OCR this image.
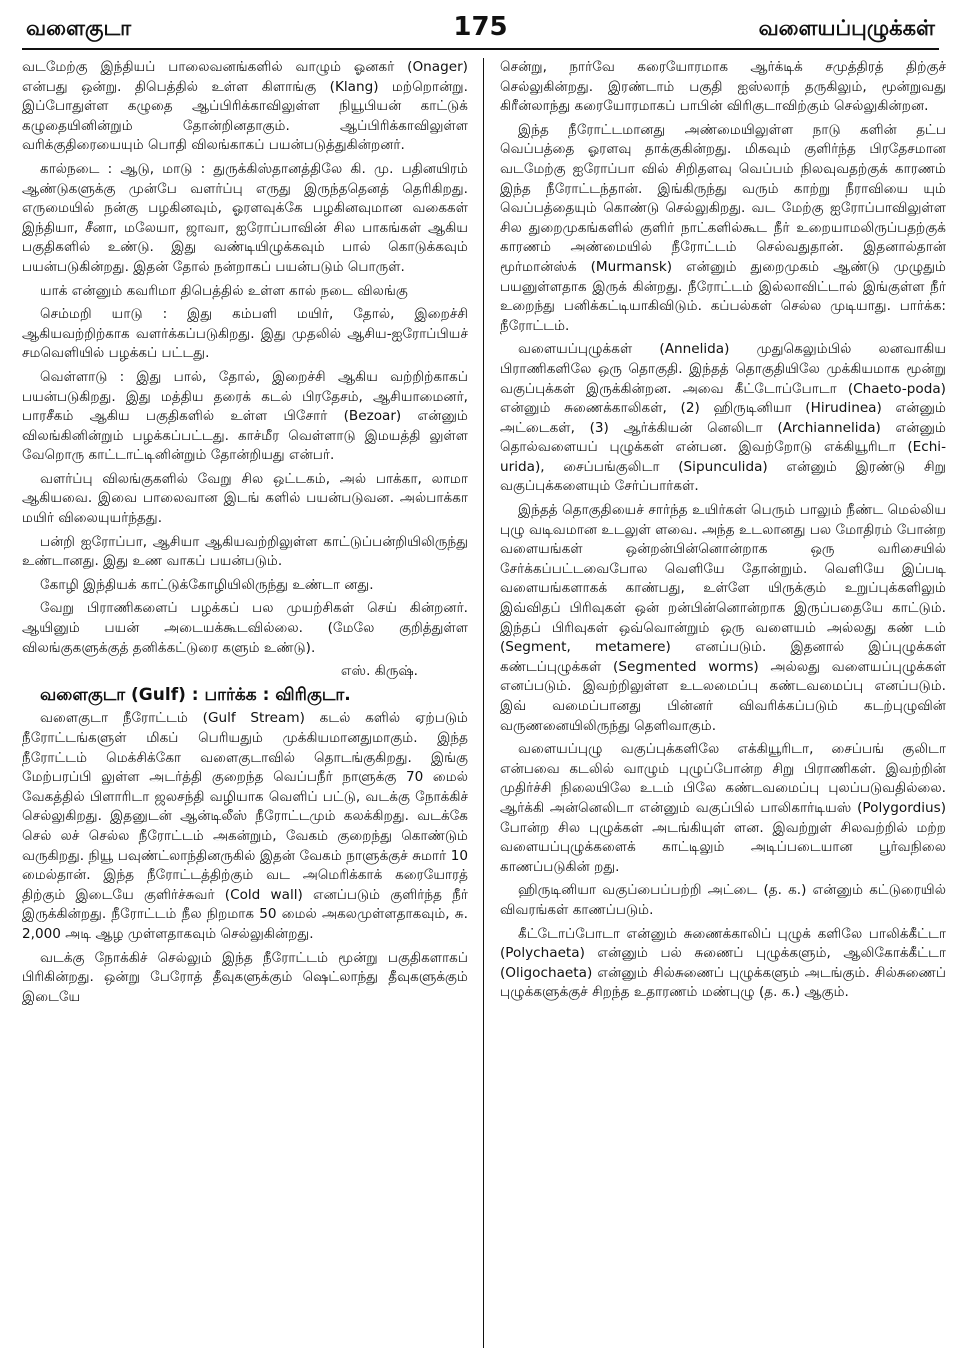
வளைகுடா	175	வளையப்புழுக்கள்

வடமேற்கு இந்தியப் பாலைவனங்களில் வாழும் ஓனகர் (Onager) என்பது ஒன்று. திபெத்தில் உள்ள கிளாங்கு (Klang) மற்றொன்று. இப்போதுள்ள கழுதை ஆப்பிரிக்காவிலுள்ள நியூபியன் காட்டுக் கழுதையினின்றும் தோன்றினதாகும். ஆப்பிரிக்காவிலுள்ள வரிக்குதிரையையும் பொதி விலங்காகப் பயன்படுத்துகின்றனர்.

கால்நடை : ஆடு, மாடு : துருக்கிஸ்தானத்திலே கி. மு. பதினயிரம் ஆண்டுகளுக்கு முன்பே வளர்ப்பு எருது இருந்ததெனத் தெரிகிறது. எருமையில் நன்கு பழகினவும், ஓரளவுக்கே பழகினவுமான வகைகள் இந்தியா, சீனா, மலேயா, ஜாவா, ஐரோப்பாவின் சில பாகங்கள் ஆகிய பகுதிகளில் உண்டு. இது வண்டியிழுக்கவும் பால் கொடுக்கவும் பயன்படுகின்றது. இதன் தோல் நன்றாகப் பயன்படும் பொருள்.

யாக் என்னும் கவரிமா திபெத்தில் உள்ள கால் நடை விலங்கு

செம்மறி யாடு : இது கம்பளி மயிர், தோல், இறைச்சி ஆகியவற்றிற்காக வளர்க்கப்படுகிறது. இது முதலில் ஆசிய-ஐரோப்பியச் சமவெளியில் பழக்கப் பட்டது.

வெள்ளாடு : இது பால், தோல், இறைச்சி ஆகிய வற்றிற்காகப் பயன்படுகிறது. இது மத்திய தரைக் கடல் பிரதேசம், ஆசியாமைனர், பாரசீகம் ஆகிய பகுதிகளில் உள்ள பிசோர் (Bezoar) என்னும் விலங்கினின்றும் பழக்கப்பட்டது. காச்மீர வெள்ளாடு இமயத்தி லுள்ள வேறொரு காட்டாட்டினின்றும் தோன்றியது என்பர்.

வளர்ப்பு விலங்குகளில் வேறு சில ஒட்டகம், அல் பாக்கா, லாமா ஆகியவை. இவை பாலைவான இடங் களில் பயன்படுவன. அல்பாக்கா மயிர் விலையுயர்ந்தது.

பன்றி ஐரோப்பா, ஆசியா ஆகியவற்றிலுள்ள காட்டுப்பன்றியிலிருந்து உண்டானது. இது உண வாகப் பயன்படும்.

கோழி இந்தியக் காட்டுக்கோழியிலிருந்து உண்டா னது.

வேறு பிராணிகளைப் பழக்கப் பல முயற்சிகள் செய் கின்றனர். ஆயினும் பயன் அடையக்கூடவில்லை. (மேலே குறித்துள்ள விலங்குகளுக்குத் தனிக்கட்டுரை களும் உண்டு).

எஸ். கிருஷ்.

வளைகுடா (Gulf) : பார்க்க : விரிகுடா.

வளைகுடா நீரோட்டம் (Gulf Stream) கடல் களில் ஏற்படும் நீரோட்டங்களுள் மிகப் பெரியதும் முக்கியமானதுமாகும். இந்த நீரோட்டம் மெக்சிக்கோ வளைகுடாவில் தொடங்குகிறது. இங்கு மேற்பரப்பி லுள்ள அடர்த்தி குறைந்த வெப்பநீர் நாளுக்கு 70 மைல் வேகத்தில் பிளாரிடா ஜலசந்தி வழியாக வெளிப் பட்டு, வடக்கு நோக்கிச் செல்லுகிறது. இதனுடன் ஆன்டிலீஸ் நீரோட்டமும் கலக்கிறது. வடக்கே செல் லச் செல்ல நீரோட்டம் அகன்றும், வேகம் குறைந்து கொண்டும் வருகிறது. நியூ பவுண்ட்லாந்தினருகில் இதன் வேகம் நாளுக்குச் சுமார் 10 மைல்தான். இந்த நீரோட்டத்திற்கும் வட அமெரிக்காக் கரையோரத் திற்கும் இடையே குளிர்ச்சுவர் (Cold wall) எனப்படும் குளிர்ந்த நீர் இருக்கின்றது. நீரோட்டம் நீல நிறமாக 50 மைல் அகலமுள்ளதாகவும், சு. 2,000 அடி ஆழ முள்ளதாகவும் செல்லுகின்றது.

வடக்கு நோக்கிச் செல்லும் இந்த நீரோட்டம் மூன்று பகுதிகளாகப் பிரிகின்றது. ஒன்று பேரோத் தீவுகளுக்கும் ஷெட்லாந்து தீவுகளுக்கும் இடையே

சென்று, நார்வே கரையோரமாக ஆர்க்டிக் சமுத்திரத் திற்குச் செல்லுகின்றது. இரண்டாம் பகுதி ஐஸ்லாந் தருகிலும், மூன்றுவது கிரீன்லாந்து கரையோரமாகப் பாபின் விரிகுடாவிற்கும் செல்லுகின்றன.

இந்த நீரோட்டமானது அண்மையிலுள்ள நாடு களின் தட்ப வெப்பத்தை ஓரளவு தாக்குகின்றது. மிகவும் குளிர்ந்த பிரதேசமான வடமேற்கு ஐரோப்பா வில் சிறிதளவு வெப்பம் நிலவுவதற்குக் காரணம் இந்த நீரோட்டந்தான். இங்கிருந்து வரும் காற்று நீராவியை யும் வெப்பத்தையும் கொண்டு செல்லுகிறது. வட மேற்கு ஐரோப்பாவிலுள்ள சில துறைமுகங்களில் குளிர் நாட்களில்கூட நீர் உறையாமலிருப்பதற்குக் காரணம் அண்மையில் நீரோட்டம் செல்வதுதான். இதனால்தான் மூர்மான்ஸ்க் (Murmansk) என்னும் துறைமுகம் ஆண்டு முழுதும் பயனுள்ளதாக இருக் கின்றது. நீரோட்டம் இல்லாவிட்டால் இங்குள்ள நீர் உறைந்து பனிக்கட்டியாகிவிடும். கப்பல்கள் செல்ல முடியாது. பார்க்க: நீரோட்டம்.

வளையப்புழுக்கள் (Annelida) முதுகெலும்பில் லனவாகிய பிராணிகளிலே ஒரு தொகுதி. இந்தத் தொகுதியிலே முக்கியமாக மூன்று வகுப்புக்கள் இருக்கின்றன. அவை கீட்டோப்போடா (Chaeto-poda) என்னும் சுணைக்காலிகள், (2) ஹிருடினியா (Hirudinea) என்னும் அட்டைகள், (3) ஆர்க்கியன் னெலிடா (Archiannelida) என்னும் தொல்வளையப் புழுக்கள் என்பன. இவற்றோடு எக்கியூரிடா (Echi-urida), சைப்பங்குலிடா (Sipunculida) என்னும் இரண்டு சிறு வகுப்புக்களையும் சேர்ப்பார்கள்.

இந்தத் தொகுதியைச் சார்ந்த உயிர்கள் பெரும் பாலும் நீண்ட மெல்லிய புழு வடிவமான உடலுள் ளவை. அந்த உடலானது பல மோதிரம் போன்ற வளையங்கள் ஒன்றன்பின்னொன்றாக ஒரு வரிசையில் சேர்க்கப்பட்டவைபோல வெளியே தோன்றும். வெளியே இப்படி வளையங்களாகக் காண்பது, உள்ளே யிருக்கும் உறுப்புக்களிலும் இவ்விதப் பிரிவுகள் ஒன் றன்பின்னொன்றாக இருப்பதையே காட்டும். இந்தப் பிரிவுகள் ஒவ்வொன்றும் ஒரு வளையம் அல்லது கண் டம் (Segment, metamere) எனப்படும். இதனால் இப்புழுக்கள் கண்டப்புழுக்கள் (Segmented worms) அல்லது வளையப்புழுக்கள் எனப்படும். இவற்றிலுள்ள உடலமைப்பு கண்டவமைப்பு எனப்படும். இவ் வமைப்பானது பின்னர் விவரிக்கப்படும் கடற்புழுவின் வருணனையிலிருந்து தெளிவாகும்.

வளையப்புழு வகுப்புக்களிலே எக்கியூரிடா, சைப்பங் குலிடா என்பவை கடலில் வாழும் புழுப்போன்ற சிறு பிராணிகள். இவற்றின் முதிர்ச்சி நிலையிலே உடம் பிலே கண்டவமைப்பு புலப்படுவதில்லை. ஆர்க்கி அன்னெலிடா என்னும் வகுப்பில் பாலிகார்டியஸ் (Polygordius) போன்ற சில புழுக்கள் அடங்கியுள் ளன. இவற்றுள் சிலவற்றில் மற்ற வளையப்புழுக்களைக் காட்டிலும் அடிப்படையான பூர்வநிலை காணப்படுகின் றது.

ஹிருடினியா வகுப்பைப்பற்றி அட்டை (த. க.) என்னும் கட்டுரையில் விவரங்கள் காணப்படும்.

கீட்டோப்போடா என்னும் சுணைக்காலிப் புழுக் களிலே பாலிக்கீட்டா (Polychaeta) என்னும் பல் சுணைப் புழுக்களும், ஆலிகோக்கீட்டா (Oligochaeta) என்னும் சில்சுணைப் புழுக்களும் அடங்கும். சில்சுணைப் புழுக்களுக்குச் சிறந்த உதாரணம் மண்புழு (த. க.) ஆகும்.
